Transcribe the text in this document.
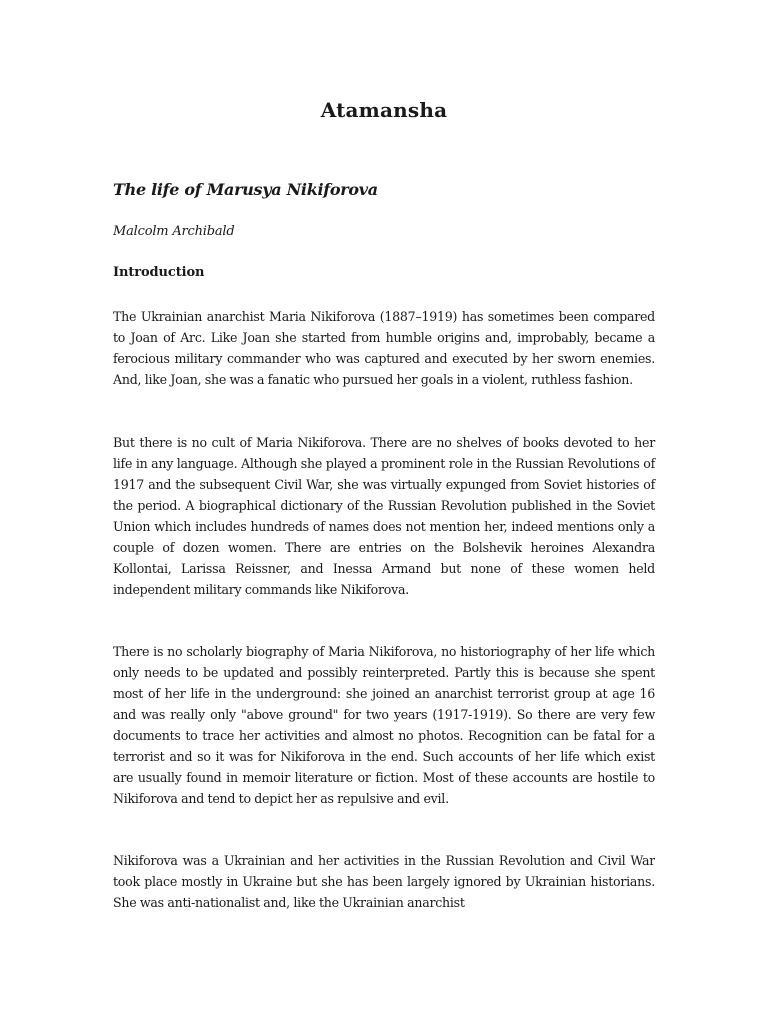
Atamansha
The life of Marusya Nikiforova

Malcolm Archibald

Introduction

The Ukrainian anarchist Maria Nikiforova (1887–1919) has sometimes been compared to Joan of Arc. Like Joan she started from humble origins and, improbably, became a ferocious military commander who was captured and executed by her sworn enemies. And, like Joan, she was a fanatic who pursued her goals in a violent, ruthless fashion.

But there is no cult of Maria Nikiforova. There are no shelves of books devoted to her life in any language. Although she played a prominent role in the Russian Revolutions of 1917 and the subsequent Civil War, she was virtually expunged from Soviet histories of the period. A biographical dictionary of the Russian Revolution published in the Soviet Union which includes hundreds of names does not mention her, indeed mentions only a couple of dozen women. There are entries on the Bolshevik heroines Alexandra Kollontai, Larissa Reissner, and Inessa Armand but none of these women held independent military commands like Nikiforova.

There is no scholarly biography of Maria Nikiforova, no historiography of her life which only needs to be updated and possibly reinterpreted. Partly this is because she spent most of her life in the underground: she joined an anarchist terrorist group at age 16 and was really only "above ground" for two years (1917-1919). So there are very few documents to trace her activities and almost no photos. Recognition can be fatal for a terrorist and so it was for Nikiforova in the end. Such accounts of her life which exist are usually found in memoir literature or fiction. Most of these accounts are hostile to Nikiforova and tend to depict her as repulsive and evil.

Nikiforova was a Ukrainian and her activities in the Russian Revolution and Civil War took place mostly in Ukraine but she has been largely ignored by Ukrainian historians. She was anti-nationalist and, like the Ukrainian anarchist
